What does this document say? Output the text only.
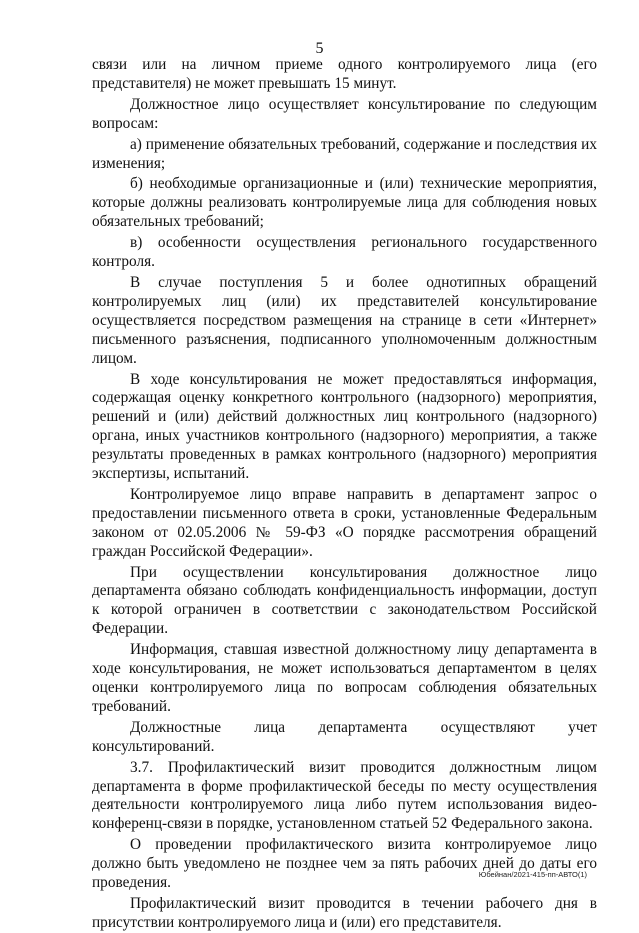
5

связи или на личном приеме одного контролируемого лица (его представителя) не может превышать 15 минут.

Должностное лицо осуществляет консультирование по следующим вопросам:

а) применение обязательных требований, содержание и последствия их изменения;

б) необходимые организационные и (или) технические мероприятия, которые должны реализовать контролируемые лица для соблюдения новых обязательных требований;

в) особенности осуществления регионального государственного контроля.

В случае поступления 5 и более однотипных обращений контролируемых лиц (или) их представителей консультирование осуществляется посредством размещения на странице в сети «Интернет» письменного разъяснения, подписанного уполномоченным должностным лицом.

В ходе консультирования не может предоставляться информация, содержащая оценку конкретного контрольного (надзорного) мероприятия, решений и (или) действий должностных лиц контрольного (надзорного) органа, иных участников контрольного (надзорного) мероприятия, а также результаты проведенных в рамках контрольного (надзорного) мероприятия экспертизы, испытаний.

Контролируемое лицо вправе направить в департамент запрос о предоставлении письменного ответа в сроки, установленные Федеральным законом от 02.05.2006 № 59-ФЗ «О порядке рассмотрения обращений граждан Российской Федерации».

При осуществлении консультирования должностное лицо департамента обязано соблюдать конфиденциальность информации, доступ к которой ограничен в соответствии с законодательством Российской Федерации.

Информация, ставшая известной должностному лицу департамента в ходе консультирования, не может использоваться департаментом в целях оценки контролируемого лица по вопросам соблюдения обязательных требований.

Должностные лица департамента осуществляют учет консультирований.

3.7. Профилактический визит проводится должностным лицом департамента в форме профилактической беседы по месту осуществления деятельности контролируемого лица либо путем использования видео-конференц-связи в порядке, установленном статьей 52 Федерального закона.

О проведении профилактического визита контролируемое лицо должно быть уведомлено не позднее чем за пять рабочих дней до даты его проведения.

Профилактический визит проводится в течении рабочего дня в присутствии контролируемого лица и (или) его представителя.

Юбейнан/2021-415-пп-АВТО(1)
